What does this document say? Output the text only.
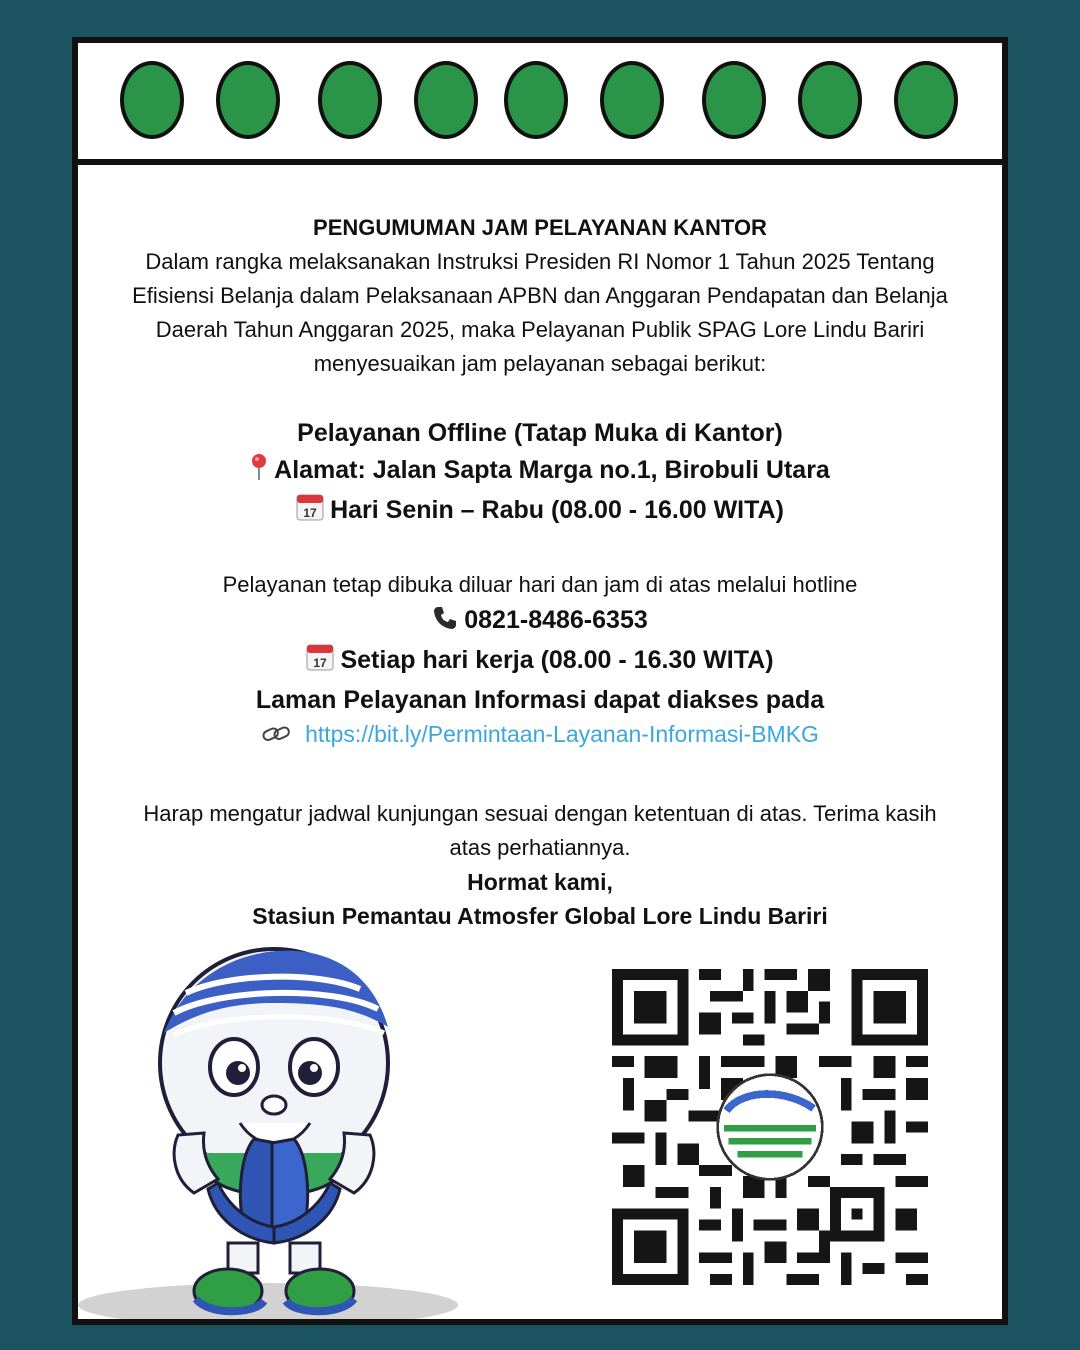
PENGUMUMAN JAM PELAYANAN KANTOR
Dalam rangka melaksanakan Instruksi Presiden RI Nomor 1 Tahun 2025 Tentang Efisiensi Belanja dalam Pelaksanaan APBN dan Anggaran Pendapatan dan Belanja Daerah Tahun Anggaran 2025, maka Pelayanan Publik SPAG Lore Lindu Bariri menyesuaikan jam pelayanan sebagai berikut:
Pelayanan Offline (Tatap Muka di Kantor)
Alamat: Jalan Sapta Marga no.1, Birobuli Utara
17 Hari Senin – Rabu (08.00 - 16.00 WITA)
Pelayanan tetap dibuka diluar hari dan jam di atas melalui hotline
0821-8486-6353
17 Setiap hari kerja (08.00 - 16.30 WITA)
Laman Pelayanan Informasi dapat diakses pada
https://bit.ly/Permintaan-Layanan-Informasi-BMKG
Harap mengatur jadwal kunjungan sesuai dengan ketentuan di atas. Terima kasih atas perhatiannya.
Hormat kami,
Stasiun Pemantau Atmosfer Global Lore Lindu Bariri
